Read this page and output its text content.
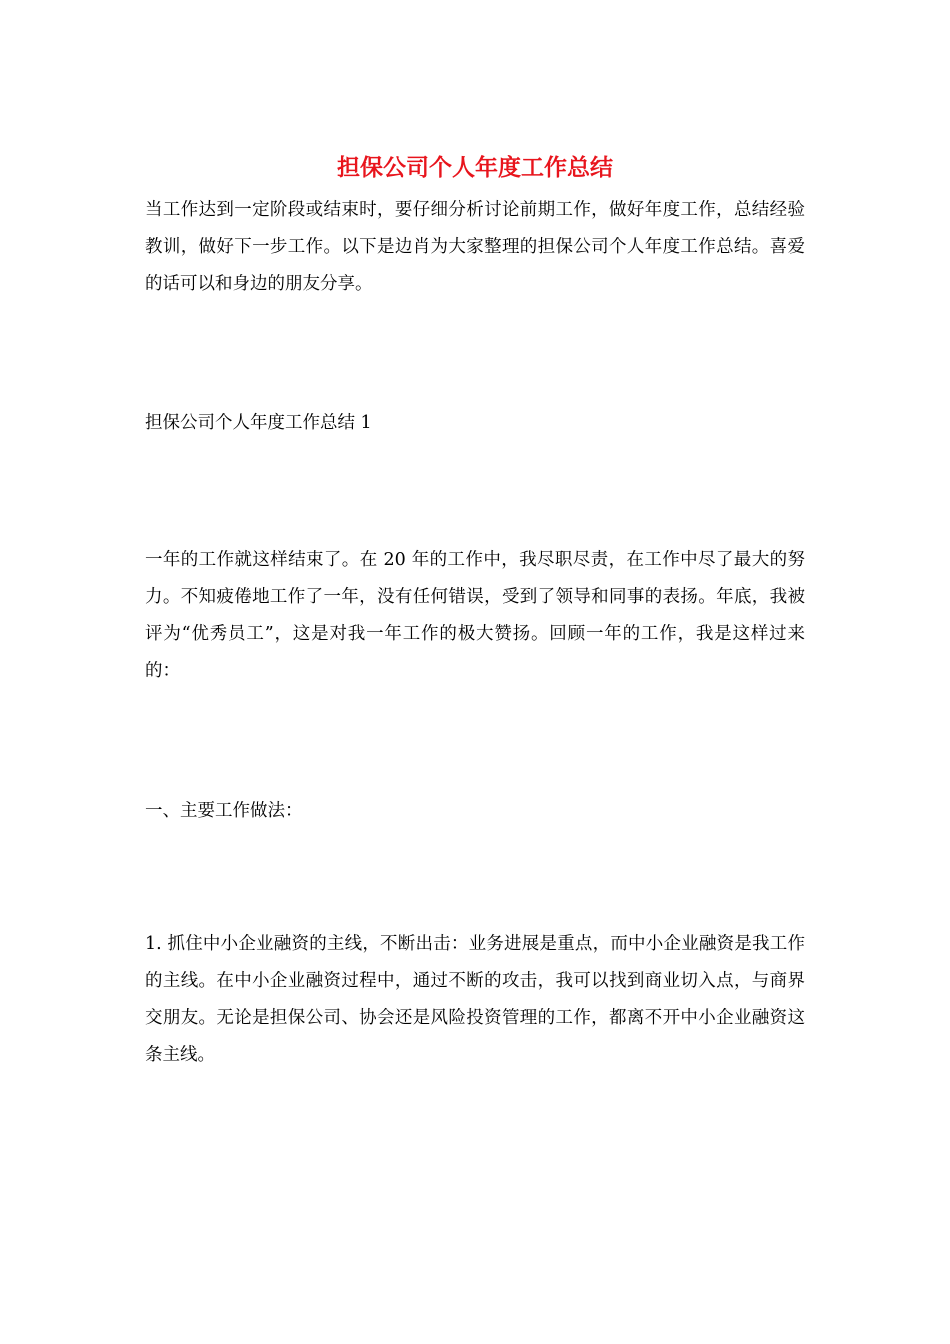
担保公司个人年度工作总结

当工作达到一定阶段或结束时，要仔细分析讨论前期工作，做好年度工作，总结经验教训，做好下一步工作。以下是边肖为大家整理的担保公司个人年度工作总结。喜爱的话可以和身边的朋友分享。

担保公司个人年度工作总结 1

一年的工作就这样结束了。在 20 年的工作中，我尽职尽责，在工作中尽了最大的努力。不知疲倦地工作了一年，没有任何错误，受到了领导和同事的表扬。年底，我被评为“优秀员工”，这是对我一年工作的极大赞扬。回顾一年的工作，我是这样过来的：

一、主要工作做法：

1. 抓住中小企业融资的主线，不断出击：业务进展是重点，而中小企业融资是我工作的主线。在中小企业融资过程中，通过不断的攻击，我可以找到商业切入点，与商界交朋友。无论是担保公司、协会还是风险投资管理的工作，都离不开中小企业融资这条主线。
